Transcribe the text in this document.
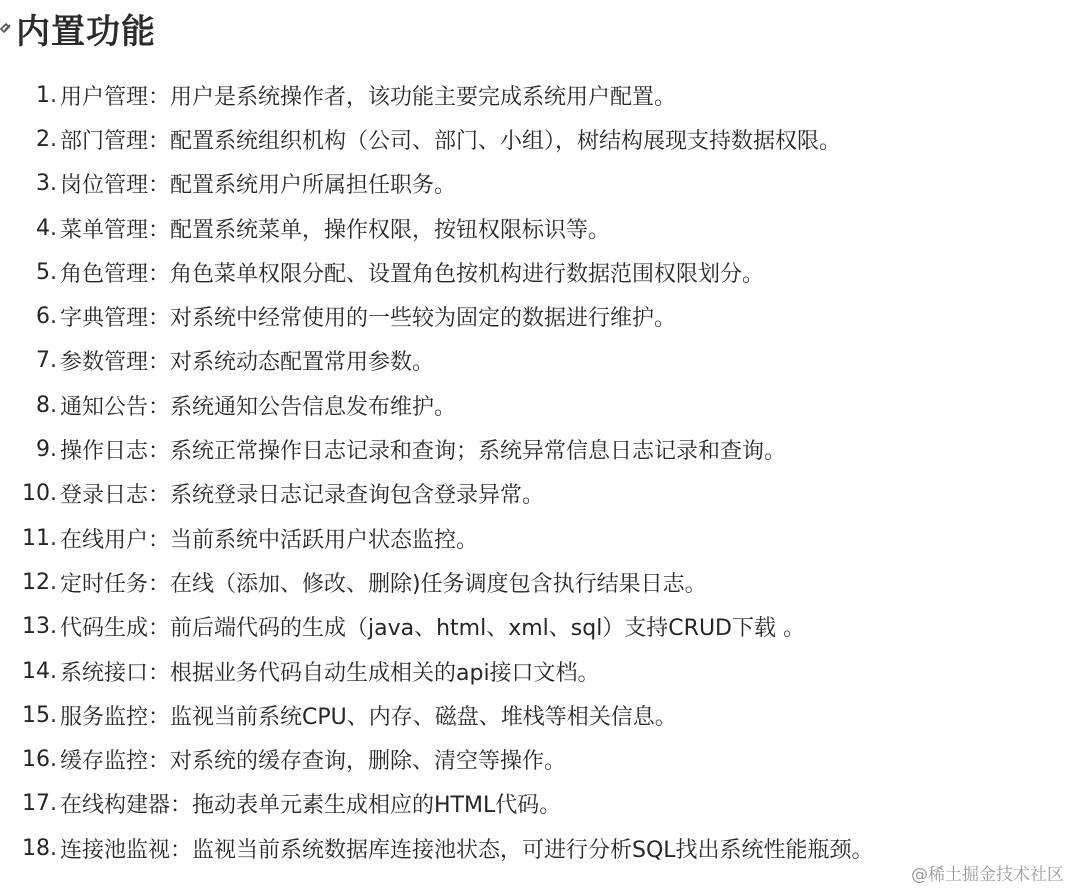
内置功能
1. 用户管理：用户是系统操作者，该功能主要完成系统用户配置。
2. 部门管理：配置系统组织机构（公司、部门、小组），树结构展现支持数据权限。
3. 岗位管理：配置系统用户所属担任职务。
4. 菜单管理：配置系统菜单，操作权限，按钮权限标识等。
5. 角色管理：角色菜单权限分配、设置角色按机构进行数据范围权限划分。
6. 字典管理：对系统中经常使用的一些较为固定的数据进行维护。
7. 参数管理：对系统动态配置常用参数。
8. 通知公告：系统通知公告信息发布维护。
9. 操作日志：系统正常操作日志记录和查询；系统异常信息日志记录和查询。
10. 登录日志：系统登录日志记录查询包含登录异常。
11. 在线用户：当前系统中活跃用户状态监控。
12. 定时任务：在线（添加、修改、删除)任务调度包含执行结果日志。
13. 代码生成：前后端代码的生成（java、html、xml、sql）支持CRUD下载 。
14. 系统接口：根据业务代码自动生成相关的api接口文档。
15. 服务监控：监视当前系统CPU、内存、磁盘、堆栈等相关信息。
16. 缓存监控：对系统的缓存查询，删除、清空等操作。
17. 在线构建器：拖动表单元素生成相应的HTML代码。
18. 连接池监视：监视当前系统数据库连接池状态，可进行分析SQL找出系统性能瓶颈。
@稀土掘金技术社区
